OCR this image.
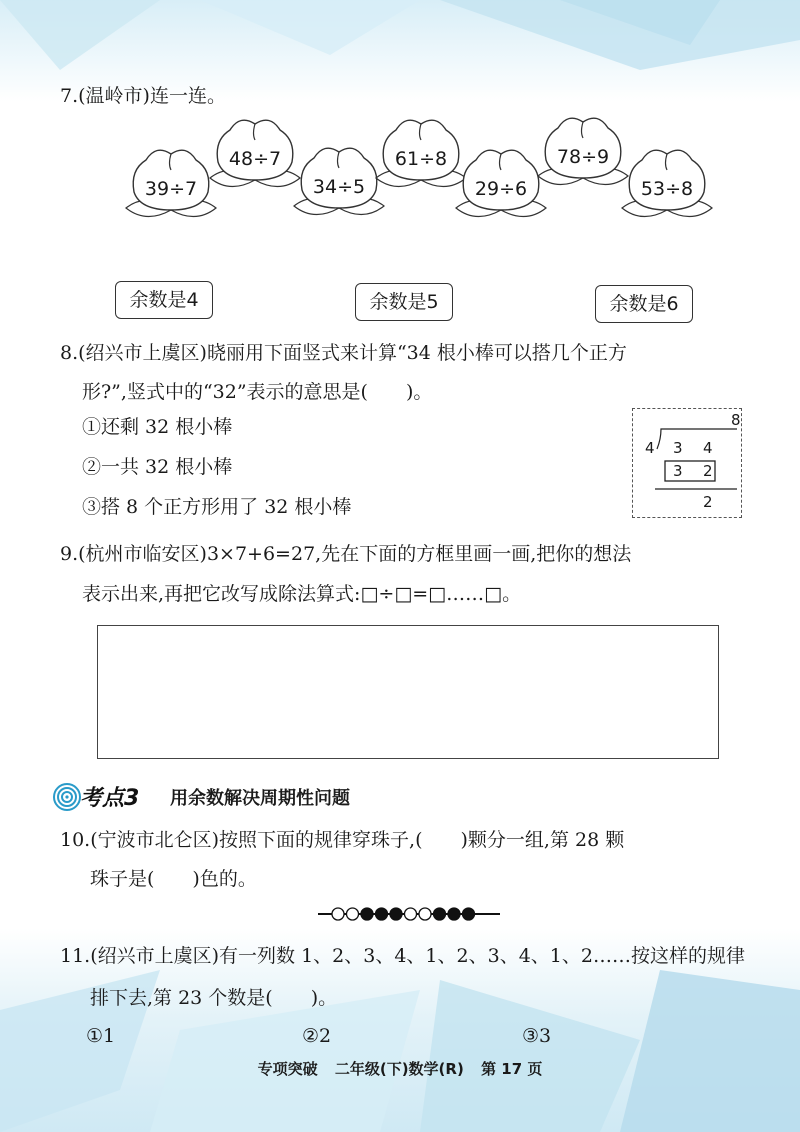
7.(温岭市)连一连。
39÷7
48÷7
34÷5
61÷8
29÷6
78÷9
53÷8
余数是4	余数是5	余数是6
8.(绍兴市上虞区)晓丽用下面竖式来计算“34 根小棒可以搭几个正方
形?”,竖式中的“32”表示的意思是(　　)。
①还剩 32 根小棒
②一共 32 根小棒
③搭 8 个正方形用了 32 根小棒
8
4 3 4
3 2
2
9.(杭州市临安区)3×7+6=27,先在下面的方框里画一画,把你的想法
表示出来,再把它改写成除法算式:□÷□=□……□。
考点3 用余数解决周期性问题
10.(宁波市北仑区)按照下面的规律穿珠子,(　　)颗分一组,第 28 颗
珠子是(　　)色的。
11.(绍兴市上虞区)有一列数 1、2、3、4、1、2、3、4、1、2……按这样的规律
排下去,第 23 个数是(　　)。
①1	②2	③3
专项突破 二年级(下)数学(R) 第 17 页
